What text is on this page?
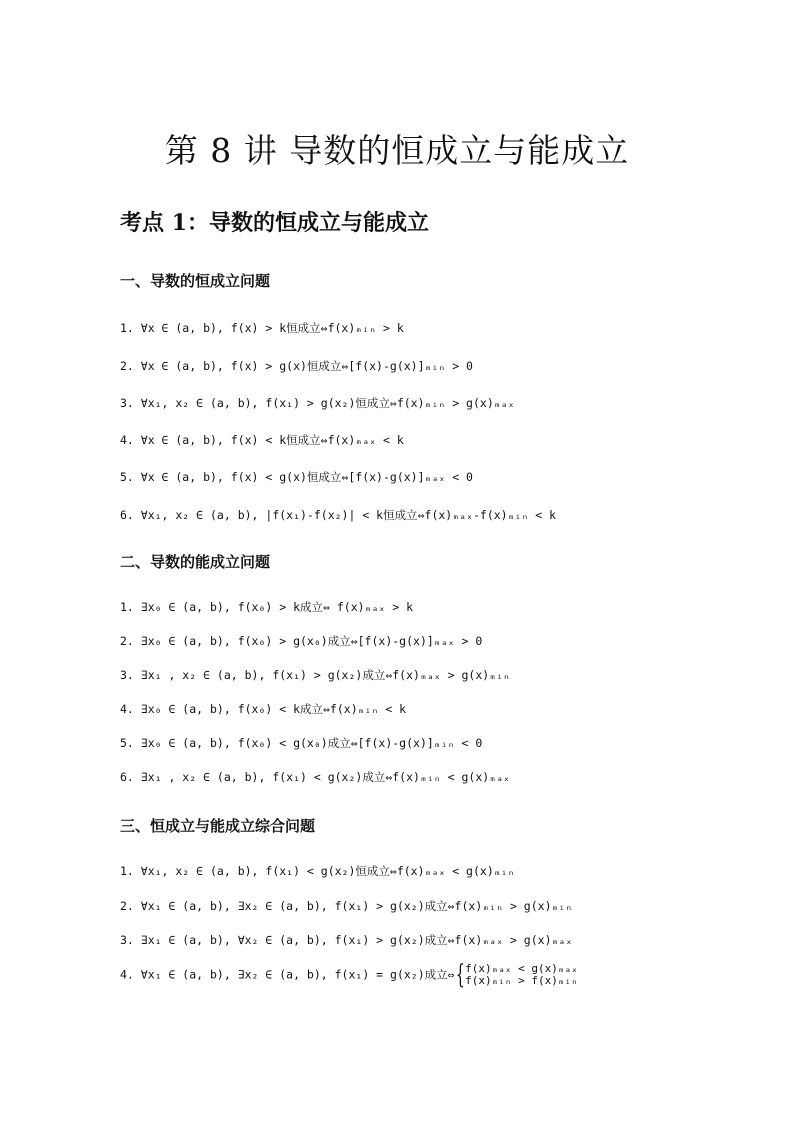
第 8 讲 导数的恒成立与能成立
考点 1：导数的恒成立与能成立
一、导数的恒成立问题
1. ∀x ∈ (a, b), f(x) > k恒成立⇔f(x)ₘᵢₙ > k
2. ∀x ∈ (a, b), f(x) > g(x)恒成立⇔[f(x)-g(x)]ₘᵢₙ > 0
3. ∀x₁, x₂ ∈ (a, b), f(x₁) > g(x₂)恒成立⇔f(x)ₘᵢₙ > g(x)ₘₐₓ
4. ∀x ∈ (a, b), f(x) < k恒成立⇔f(x)ₘₐₓ < k
5. ∀x ∈ (a, b), f(x) < g(x)恒成立⇔[f(x)-g(x)]ₘₐₓ < 0
6. ∀x₁, x₂ ∈ (a, b), |f(x₁)-f(x₂)| < k恒成立⇔f(x)ₘₐₓ-f(x)ₘᵢₙ < k
二、导数的能成立问题
1. ∃x₀ ∈ (a, b), f(x₀) > k成立⇔ f(x)ₘₐₓ > k
2. ∃x₀ ∈ (a, b), f(x₀) > g(x₀)成立⇔[f(x)-g(x)]ₘₐₓ > 0
3. ∃x₁ , x₂ ∈ (a, b), f(x₁) > g(x₂)成立⇔f(x)ₘₐₓ > g(x)ₘᵢₙ
4. ∃x₀ ∈ (a, b), f(x₀) < k成立⇔f(x)ₘᵢₙ < k
5. ∃x₀ ∈ (a, b), f(x₀) < g(x₀)成立⇔[f(x)-g(x)]ₘᵢₙ < 0
6. ∃x₁ , x₂ ∈ (a, b), f(x₁) < g(x₂)成立⇔f(x)ₘᵢₙ < g(x)ₘₐₓ
三、恒成立与能成立综合问题
1. ∀x₁, x₂ ∈ (a, b), f(x₁) < g(x₂)恒成立⇔f(x)ₘₐₓ < g(x)ₘᵢₙ
2. ∀x₁ ∈ (a, b), ∃x₂ ∈ (a, b), f(x₁) > g(x₂)成立⇔f(x)ₘᵢₙ > g(x)ₘᵢₙ
3. ∃x₁ ∈ (a, b), ∀x₂ ∈ (a, b), f(x₁) > g(x₂)成立⇔f(x)ₘₐₓ > g(x)ₘₐₓ
4. ∀x₁ ∈ (a, b), ∃x₂ ∈ (a, b), f(x₁) = g(x₂)成立⇔{ f(x)ₘₐₓ < g(x)ₘₐₓ
f(x)ₘᵢₙ > f(x)ₘᵢₙ
